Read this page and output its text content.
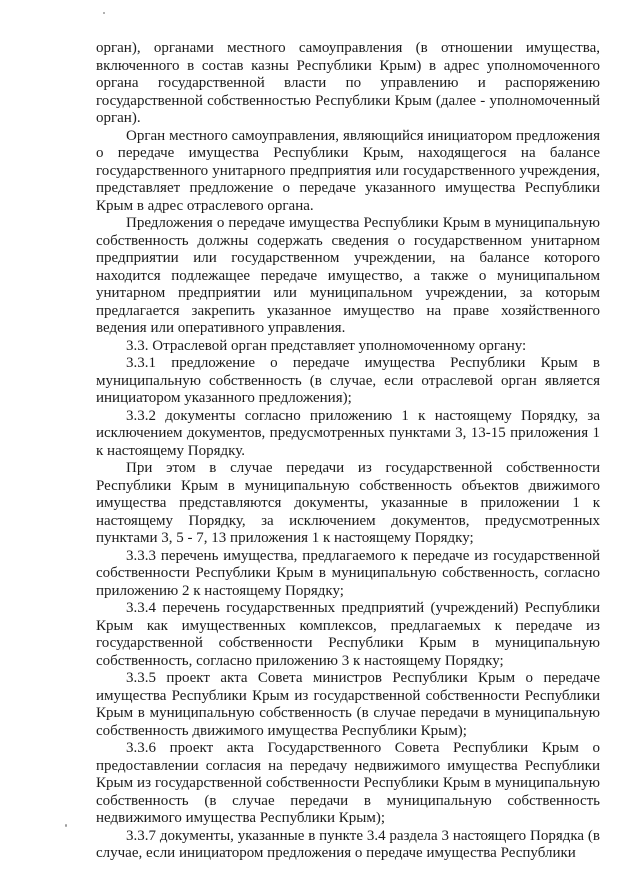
орган), органами местного самоуправления (в отношении имущества, включенного в состав казны Республики Крым) в адрес уполномоченного органа государственной власти по управлению и распоряжению государственной собственностью Республики Крым (далее - уполномоченный орган).

Орган местного самоуправления, являющийся инициатором предложения о передаче имущества Республики Крым, находящегося на балансе государственного унитарного предприятия или государственного учреждения, представляет предложение о передаче указанного имущества Республики Крым в адрес отраслевого органа.

Предложения о передаче имущества Республики Крым в муниципальную собственность должны содержать сведения о государственном унитарном предприятии или государственном учреждении, на балансе которого находится подлежащее передаче имущество, а также о муниципальном унитарном предприятии или муниципальном учреждении, за которым предлагается закрепить указанное имущество на праве хозяйственного ведения или оперативного управления.

3.3. Отраслевой орган представляет уполномоченному органу:

3.3.1 предложение о передаче имущества Республики Крым в муниципальную собственность (в случае, если отраслевой орган является инициатором указанного предложения);

3.3.2 документы согласно приложению 1 к настоящему Порядку, за исключением документов, предусмотренных пунктами 3, 13-15 приложения 1 к настоящему Порядку.

При этом в случае передачи из государственной собственности Республики Крым в муниципальную собственность объектов движимого имущества представляются документы, указанные в приложении 1 к настоящему Порядку, за исключением документов, предусмотренных пунктами 3, 5 - 7, 13 приложения 1 к настоящему Порядку;

3.3.3 перечень имущества, предлагаемого к передаче из государственной собственности Республики Крым в муниципальную собственность, согласно приложению 2 к настоящему Порядку;

3.3.4 перечень государственных предприятий (учреждений) Республики Крым как имущественных комплексов, предлагаемых к передаче из государственной собственности Республики Крым в муниципальную собственность, согласно приложению 3 к настоящему Порядку;

3.3.5 проект акта Совета министров Республики Крым о передаче имущества Республики Крым из государственной собственности Республики Крым в муниципальную собственность (в случае передачи в муниципальную собственность движимого имущества Республики Крым);

3.3.6 проект акта Государственного Совета Республики Крым о предоставлении согласия на передачу недвижимого имущества Республики Крым из государственной собственности Республики Крым в муниципальную собственность (в случае передачи в муниципальную собственность недвижимого имущества Республики Крым);

3.3.7 документы, указанные в пункте 3.4 раздела 3 настоящего Порядка (в случае, если инициатором предложения о передаче имущества Республики
